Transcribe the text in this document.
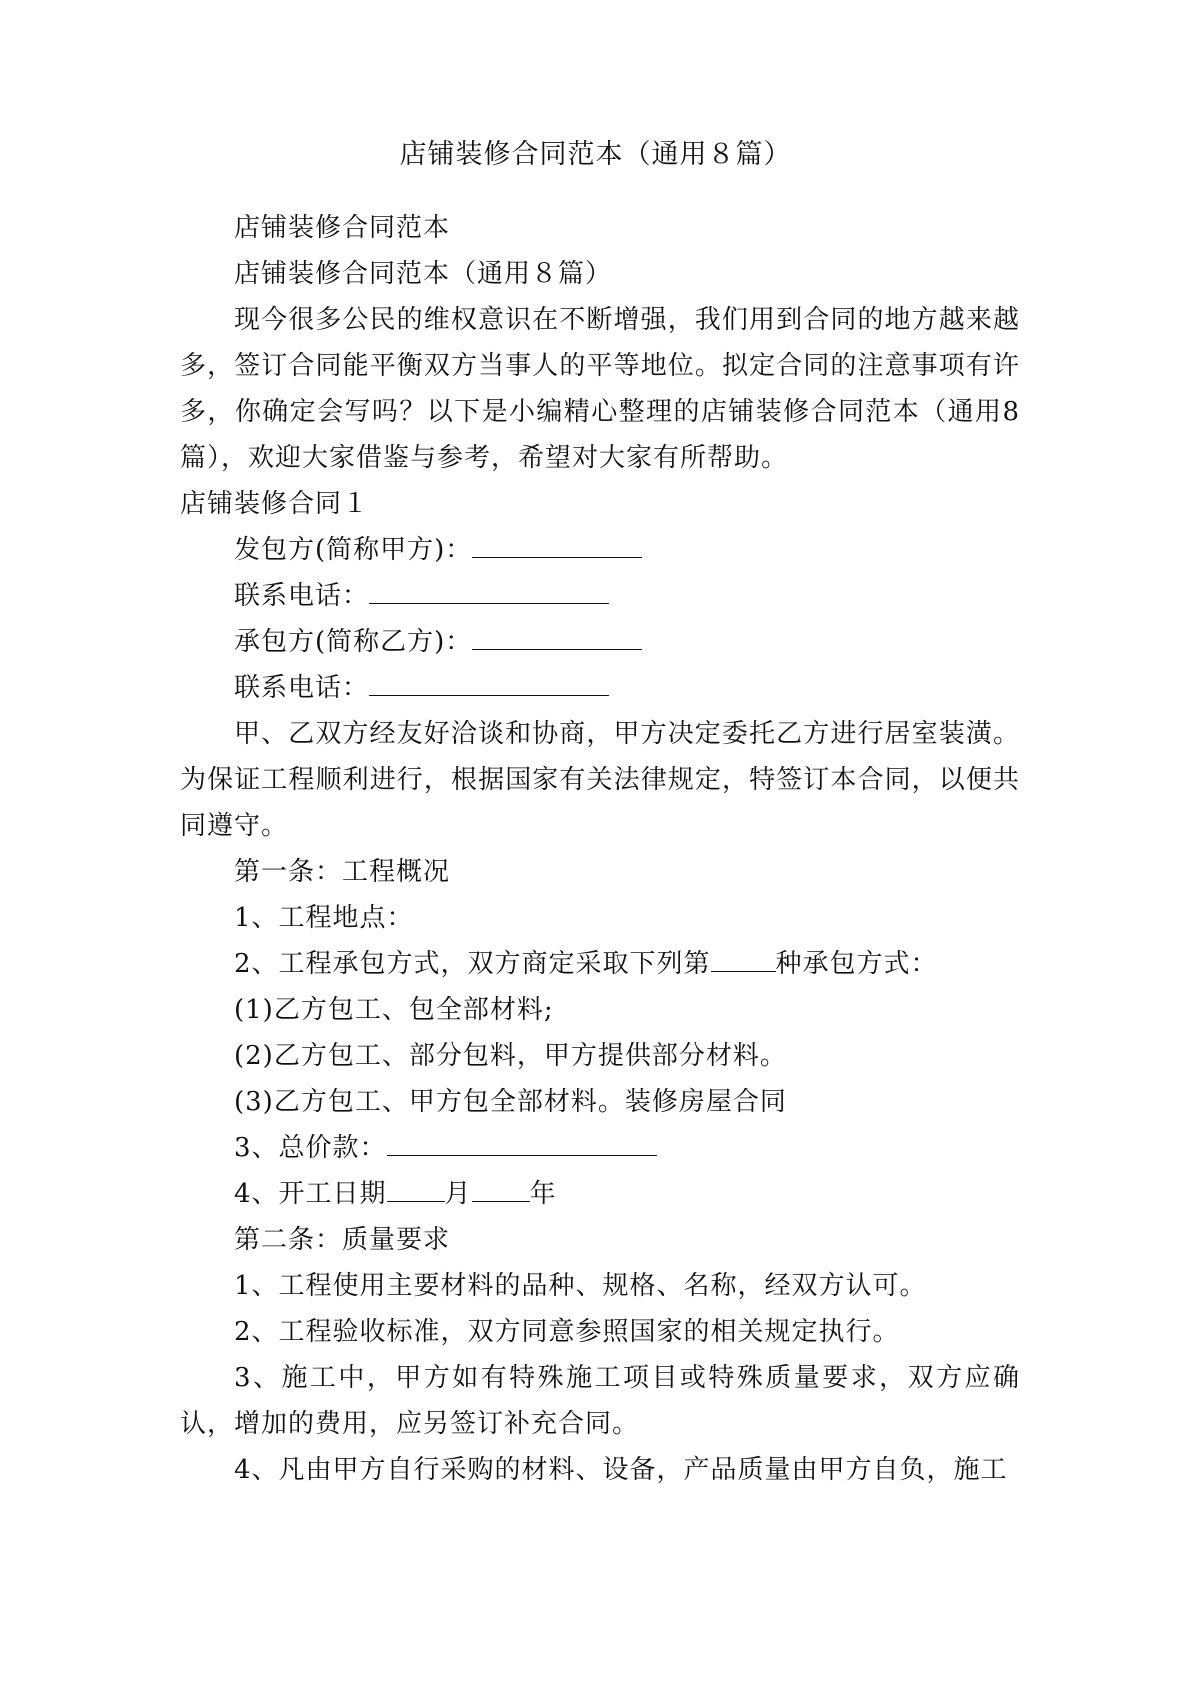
店铺装修合同范本（通用８篇）

店铺装修合同范本

店铺装修合同范本（通用８篇）

现今很多公民的维权意识在不断增强，我们用到合同的地方越来越多，签订合同能平衡双方当事人的平等地位。拟定合同的注意事项有许多，你确定会写吗？以下是小编精心整理的店铺装修合同范本（通用8篇），欢迎大家借鉴与参考，希望对大家有所帮助。

店铺装修合同１

发包方(简称甲方)：

联系电话：

承包方(简称乙方)：

联系电话：

甲、乙双方经友好洽谈和协商，甲方决定委托乙方进行居室装潢。为保证工程顺利进行，根据国家有关法律规定，特签订本合同，以便共同遵守。

第一条：工程概况

1、工程地点：

2、工程承包方式，双方商定采取下列第	种承包方式：

(1)乙方包工、包全部材料;

(2)乙方包工、部分包料，甲方提供部分材料。

(3)乙方包工、甲方包全部材料。装修房屋合同

3、总价款：

4、开工日期 月 年

第二条：质量要求

1、工程使用主要材料的品种、规格、名称，经双方认可。

2、工程验收标准，双方同意参照国家的相关规定执行。

3、施工中，甲方如有特殊施工项目或特殊质量要求，双方应确认，增加的费用，应另签订补充合同。

4、凡由甲方自行采购的材料、设备，产品质量由甲方自负，施工
